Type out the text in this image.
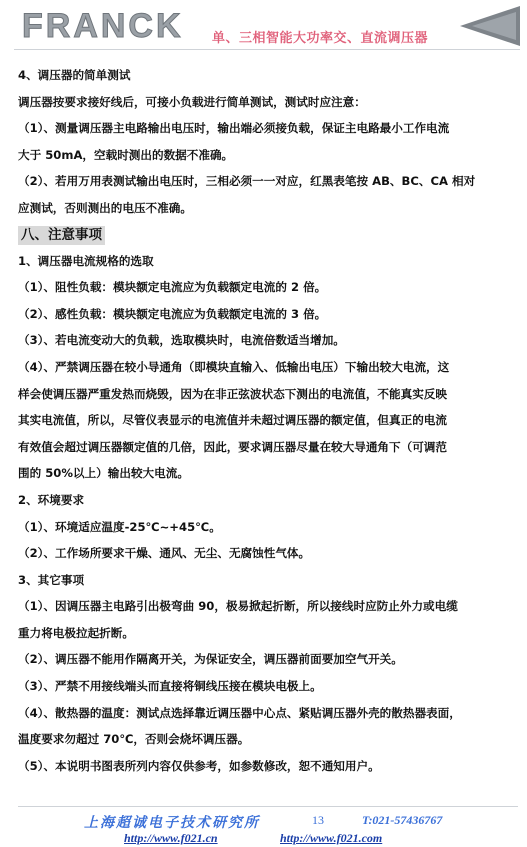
FRANCK 单、三相智能大功率交、直流调压器
4、调压器的简单测试
调压器按要求接好线后，可接小负载进行简单测试，测试时应注意：
（1）、测量调压器主电路输出电压时，输出端必须接负载，保证主电路最小工作电流
大于 50mA，空载时测出的数据不准确。
（2）、若用万用表测试输出电压时，三相必须一一对应，红黑表笔按 AB、BC、CA 相对
应测试，否则测出的电压不准确。
八、注意事项
1、调压器电流规格的选取
（1）、阻性负载：模块额定电流应为负载额定电流的 2 倍。
（2）、感性负载：模块额定电流应为负载额定电流的 3 倍。
（3）、若电流变动大的负载，选取模块时，电流倍数适当增加。
（4）、严禁调压器在较小导通角（即模块直输入、低输出电压）下输出较大电流，这
样会使调压器严重发热而烧毁，因为在非正弦波状态下测出的电流值，不能真实反映
其实电流值，所以，尽管仪表显示的电流值并未超过调压器的额定值，但真正的电流
有效值会超过调压器额定值的几倍，因此，要求调压器尽量在较大导通角下（可调范
围的 50%以上）输出较大电流。
2、环境要求
（1）、环境适应温度-25℃~+45℃。
（2）、工作场所要求干燥、通风、无尘、无腐蚀性气体。
3、其它事项
（1）、因调压器主电路引出极弯曲 90，极易掀起折断，所以接线时应防止外力或电缆
重力将电极拉起折断。
（2）、调压器不能用作隔离开关，为保证安全，调压器前面要加空气开关。
（3）、严禁不用接线端头而直接将铜线压接在模块电极上。
（4）、散热器的温度：测试点选择靠近调压器中心点、紧贴调压器外壳的散热器表面，
温度要求勿超过 70℃，否则会烧坏调压器。
（5）、本说明书图表所列内容仅供参考，如参数修改，恕不通知用户。
上海超诚电子技术研究所	13	T:021-57436767
http://www.f021.cn	http://www.f021.com
